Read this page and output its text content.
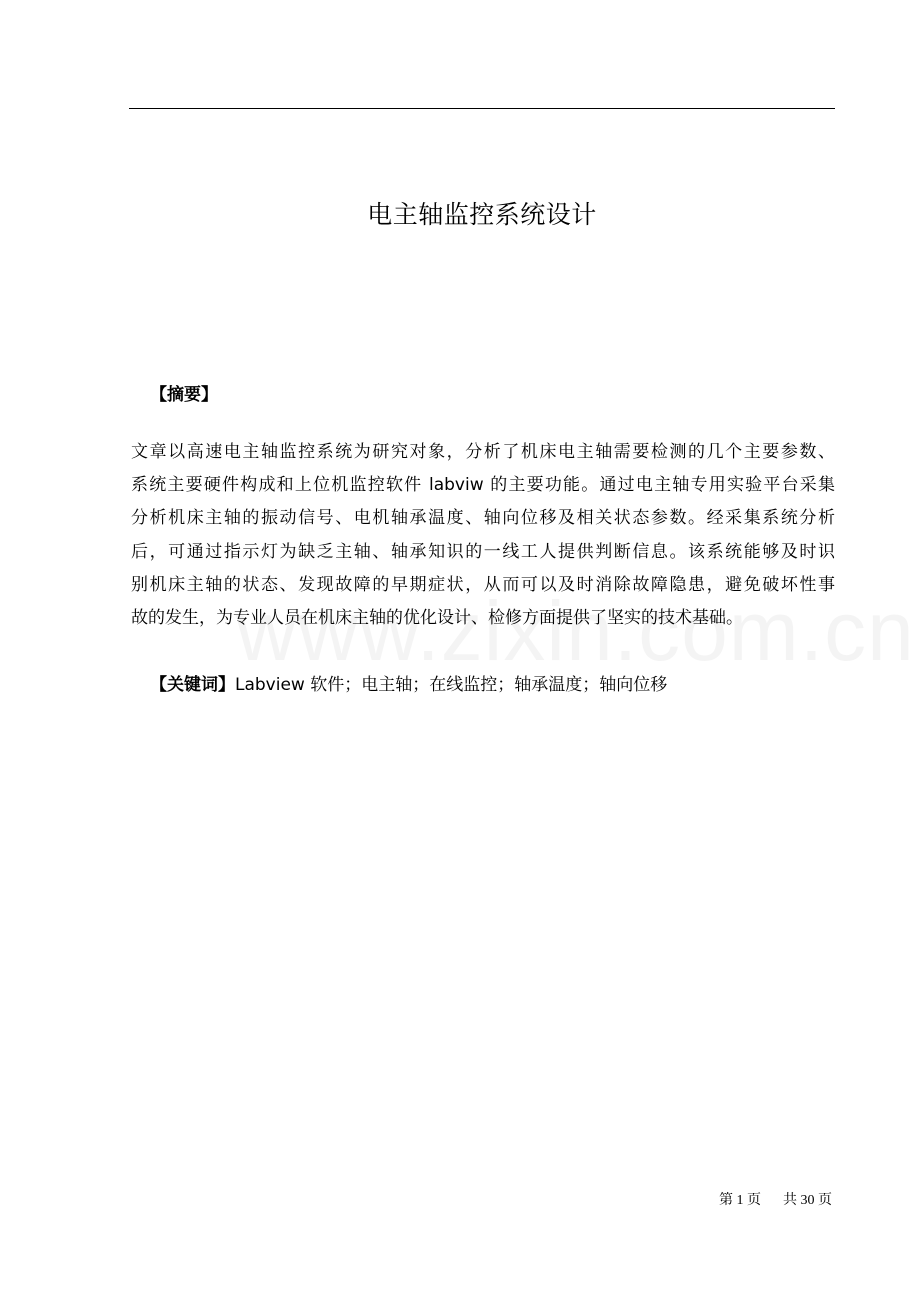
电主轴监控系统设计
【摘要】
文章以高速电主轴监控系统为研究对象，分析了机床电主轴需要检测的几个主要参数、
系统主要硬件构成和上位机监控软件 labviw 的主要功能。通过电主轴专用实验平台采集
分析机床主轴的振动信号、电机轴承温度、轴向位移及相关状态参数。经采集系统分析
后，可通过指示灯为缺乏主轴、轴承知识的一线工人提供判断信息。该系统能够及时识
别机床主轴的状态、发现故障的早期症状，从而可以及时消除故障隐患，避免破坏性事
故的发生，为专业人员在机床主轴的优化设计、检修方面提供了坚实的技术基础。
【关键词】Labview 软件；电主轴；在线监控；轴承温度；轴向位移
第 1 页 共 30 页
